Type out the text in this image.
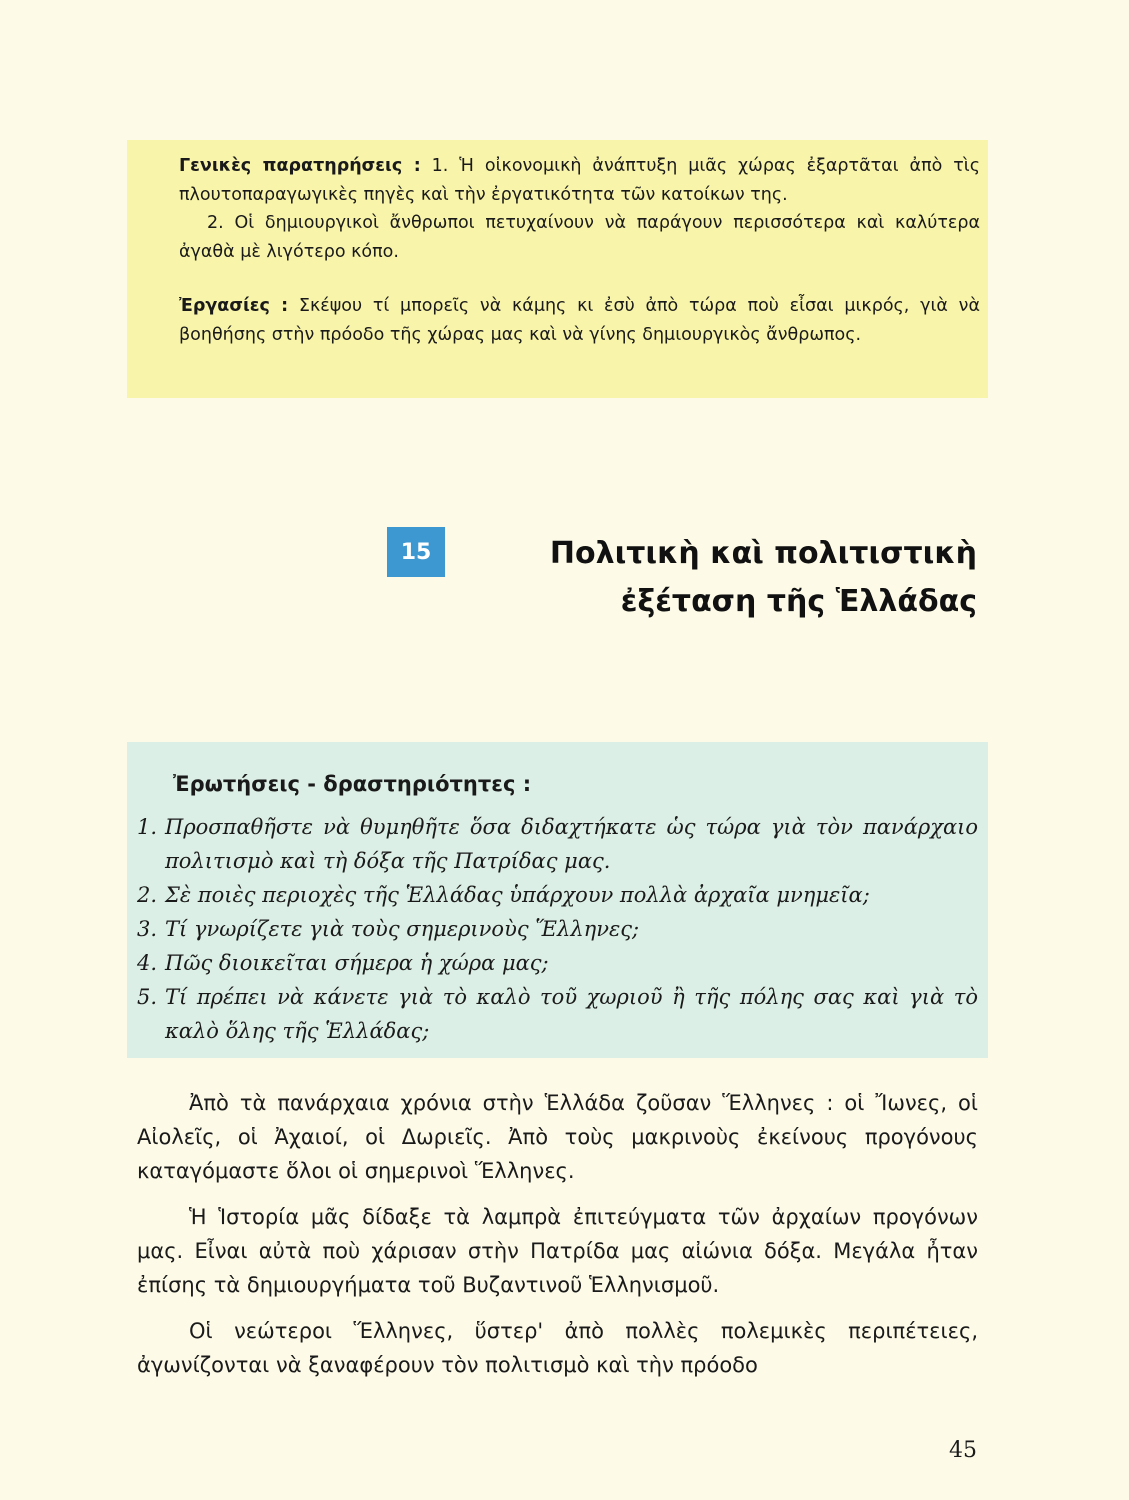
Γενικὲς παρατηρήσεις : 1. Ἡ οἰκονομικὴ ἀνάπτυξη μιᾶς χώρας ἐξαρτᾶται ἀπὸ τὶς πλουτοπαραγωγικὲς πηγὲς καὶ τὴν ἐργατικότητα τῶν κατοίκων της.

2. Οἱ δημιουργικοὶ ἄνθρωποι πετυχαίνουν νὰ παράγουν περισσότερα καὶ καλύτερα ἀγαθὰ μὲ λιγότερο κόπο.

Ἐργασίες : Σκέψου τί μπορεῖς νὰ κάμης κι ἐσὺ ἀπὸ τώρα ποὺ εἶσαι μικρός, γιὰ νὰ βοηθήσης στὴν πρόοδο τῆς χώρας μας καὶ νὰ γίνης δημιουργικὸς ἄνθρωπος.

15	Πολιτικὴ καὶ πολιτιστικὴ
ἐξέταση τῆς Ἑλλάδας
Ἐρωτήσεις - δραστηριότητες :
1. Προσπαθῆστε νὰ θυμηθῆτε ὅσα διδαχτήκατε ὡς τώρα γιὰ τὸν πανάρχαιο πολιτισμὸ καὶ τὴ δόξα τῆς Πατρίδας μας.
2. Σὲ ποιὲς περιοχὲς τῆς Ἑλλάδας ὑπάρχουν πολλὰ ἀρχαῖα μνημεῖα;
3. Τί γνωρίζετε γιὰ τοὺς σημερινοὺς Ἕλληνες;
4. Πῶς διοικεῖται σήμερα ἡ χώρα μας;
5. Τί πρέπει νὰ κάνετε γιὰ τὸ καλὸ τοῦ χωριοῦ ἢ τῆς πόλης σας καὶ γιὰ τὸ καλὸ ὅλης τῆς Ἑλλάδας;

Ἀπὸ τὰ πανάρχαια χρόνια στὴν Ἑλλάδα ζοῦσαν Ἕλληνες : οἱ Ἴωνες, οἱ Αἰολεῖς, οἱ Ἀχαιοί, οἱ Δωριεῖς. Ἀπὸ τοὺς μακρινοὺς ἐκείνους προγόνους καταγόμαστε ὅλοι οἱ σημερινοὶ Ἕλληνες.

Ἡ Ἱστορία μᾶς δίδαξε τὰ λαμπρὰ ἐπιτεύγματα τῶν ἀρχαίων προγόνων μας. Εἶναι αὐτὰ ποὺ χάρισαν στὴν Πατρίδα μας αἰώνια δόξα. Μεγάλα ἦταν ἐπίσης τὰ δημιουργήματα τοῦ Βυζαντινοῦ Ἑλληνισμοῦ.

Οἱ νεώτεροι Ἕλληνες, ὕστερ' ἀπὸ πολλὲς πολεμικὲς περιπέτειες, ἀγωνίζονται νὰ ξαναφέρουν τὸν πολιτισμὸ καὶ τὴν πρόοδο

45
